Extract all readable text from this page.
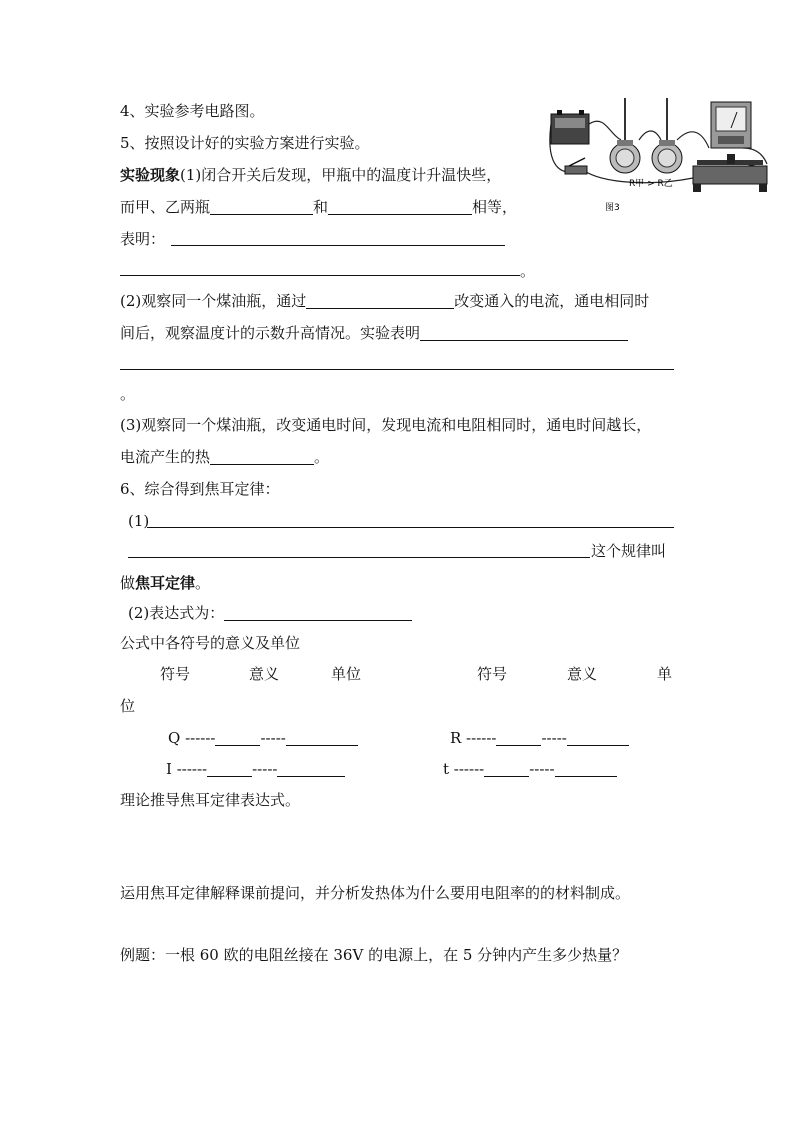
R甲 > R乙
图3
4、实验参考电路图。
5、按照设计好的实验方案进行实验。
实验现象(1)闭合开关后发现，甲瓶中的温度计升温快些，
而甲、乙两瓶	和	相等，
表明：
。
(2)观察同一个煤油瓶，通过	改变通入的电流，通电相同时
间后，观察温度计的示数升高情况。实验表明
。
(3)观察同一个煤油瓶，改变通电时间，发现电流和电阻相同时，通电时间越长，
电流产生的热	。
6、综合得到焦耳定律：
(1)
这个规律叫
做焦耳定律。
(2)表达式为：
公式中各符号的意义及单位
符号	意义	单位	符号	意义	单
位
Q ------	-----	R ------	-----
I ------	-----	t ------	-----
理论推导焦耳定律表达式。
运用焦耳定律解释课前提问，并分析发热体为什么要用电阻率的的材料制成。
例题：一根 60 欧的电阻丝接在 36V 的电源上，在 5 分钟内产生多少热量？
